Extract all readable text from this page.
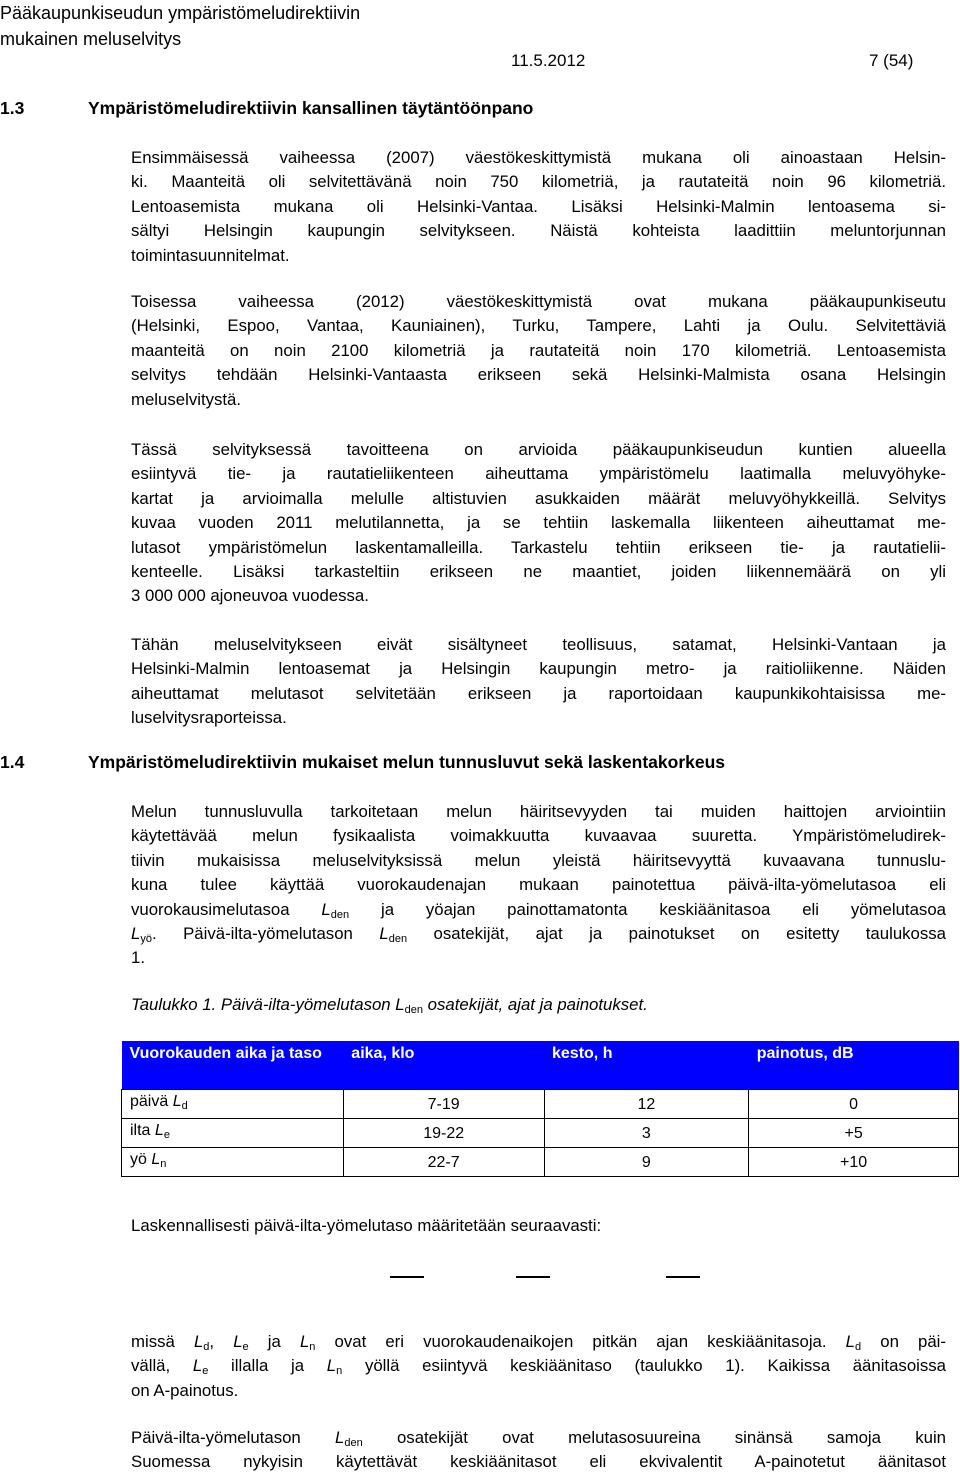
Pääkaupunkiseudun ympäristömeludirektiivin
mukainen meluselvitys
11.5.2012	7 (54)
1.3	Ympäristömeludirektiivin kansallinen täytäntöönpano
Ensimmäisessä vaiheessa (2007) väestökeskittymistä mukana oli ainoastaan Helsin-
ki. Maanteitä oli selvitettävänä noin 750 kilometriä, ja rautateitä noin 96 kilometriä.
Lentoasemista mukana oli Helsinki-Vantaa. Lisäksi Helsinki-Malmin lentoasema si-
sältyi Helsingin kaupungin selvitykseen. Näistä kohteista laadittiin meluntorjunnan
toimintasuunnitelmat.
Toisessa vaiheessa (2012) väestökeskittymistä ovat mukana pääkaupunkiseutu
(Helsinki, Espoo, Vantaa, Kauniainen), Turku, Tampere, Lahti ja Oulu. Selvitettäviä
maanteitä on noin 2100 kilometriä ja rautateitä noin 170 kilometriä. Lentoasemista
selvitys tehdään Helsinki-Vantaasta erikseen sekä Helsinki-Malmista osana Helsingin
meluselvitystä.
Tässä selvityksessä tavoitteena on arvioida pääkaupunkiseudun kuntien alueella
esiintyvä tie- ja rautatieliikenteen aiheuttama ympäristömelu laatimalla meluvyöhyke-
kartat ja arvioimalla melulle altistuvien asukkaiden määrät meluvyöhykkeillä. Selvitys
kuvaa vuoden 2011 melutilannetta, ja se tehtiin laskemalla liikenteen aiheuttamat me-
lutasot ympäristömelun laskentamalleilla. Tarkastelu tehtiin erikseen tie- ja rautatielii-
kenteelle. Lisäksi tarkasteltiin erikseen ne maantiet, joiden liikennemäärä on yli
3 000 000 ajoneuvoa vuodessa.
Tähän meluselvitykseen eivät sisältyneet teollisuus, satamat, Helsinki-Vantaan ja
Helsinki-Malmin lentoasemat ja Helsingin kaupungin metro- ja raitioliikenne. Näiden
aiheuttamat melutasot selvitetään erikseen ja raportoidaan kaupunkikohtaisissa me-
luselvitysraporteissa.
1.4	Ympäristömeludirektiivin mukaiset melun tunnusluvut sekä laskentakorkeus
Melun tunnusluvulla tarkoitetaan melun häiritsevyyden tai muiden haittojen arviointiin
käytettävää melun fysikaalista voimakkuutta kuvaavaa suuretta. Ympäristömeludirek-
tiivin mukaisissa meluselvityksissä melun yleistä häiritsevyyttä kuvaavana tunnuslu-
kuna tulee käyttää vuorokaudenajan mukaan painotettua päivä-ilta-yömelutasoa eli
vuorokausimelutasoa $L_{den}$ ja yöajan painottamatonta keskiäänitasoa eli yömelutasoa
$L_{yö}$. Päivä-ilta-yömelutason $L_{den}$ osatekijät, ajat ja painotukset on esitetty taulukossa
1.
Taulukko 1. Päivä-ilta-yömelutason $L_{den}$ osatekijät, ajat ja painotukset.
Vuorokauden aika ja taso	aika, klo	kesto, h	painotus, dB
päivä $L_d$	7-19	12	0
ilta $L_e$	19-22	3	+5
yö $L_n$	22-7	9	+10
Laskennallisesti päivä-ilta-yömelutaso määritetään seuraavasti:
missä $L_d$, $L_e$ ja $L_n$ ovat eri vuorokaudenaikojen pitkän ajan keskiäänitasoja. $L_d$ on päi-
vällä, $L_e$ illalla ja $L_n$ yöllä esiintyvä keskiäänitaso (taulukko 1). Kaikissa äänitasoissa
on A-painotus.
Päivä-ilta-yömelutason $L_{den}$ osatekijät ovat melutasosuureina sinänsä samoja kuin
Suomessa nykyisin käytettävät keskiäänitasot eli ekvivalentit A-painotetut äänitasot
